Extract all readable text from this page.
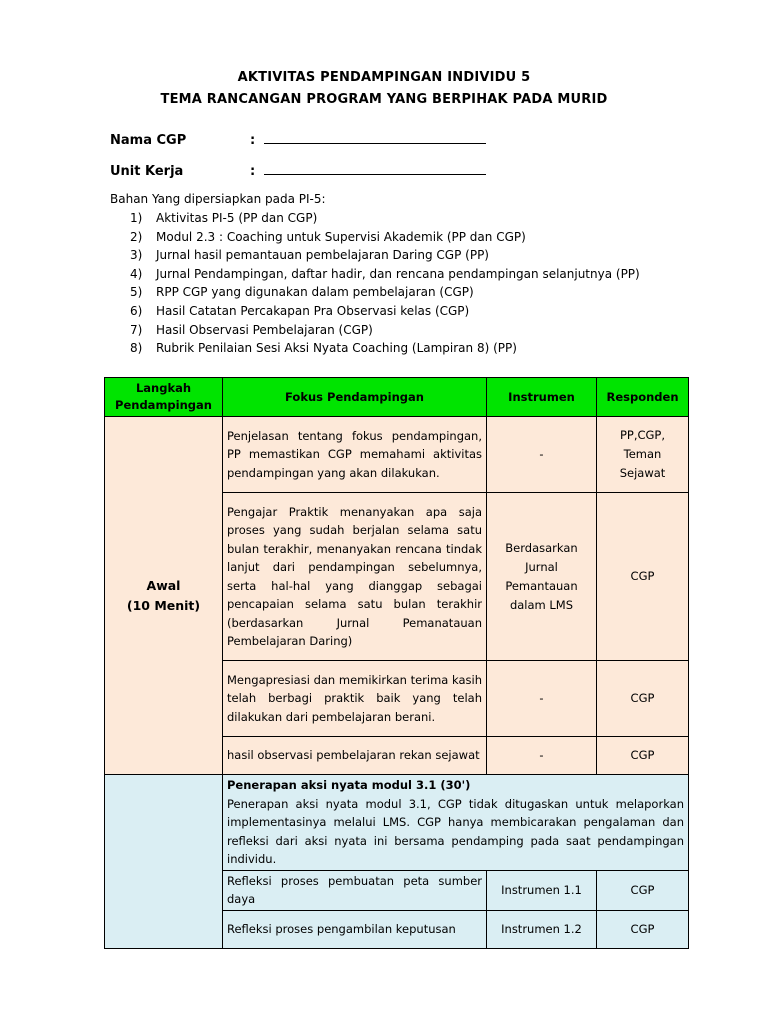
AKTIVITAS PENDAMPINGAN INDIVIDU 5
TEMA RANCANGAN PROGRAM YANG BERPIHAK PADA MURID
Nama CGP	:
Unit Kerja	:
Bahan Yang dipersiapkan pada PI-5:
1) Aktivitas PI-5 (PP dan CGP)
2) Modul 2.3 : Coaching untuk Supervisi Akademik (PP dan CGP)
3) Jurnal hasil pemantauan pembelajaran Daring CGP (PP)
4) Jurnal Pendampingan, daftar hadir, dan rencana pendampingan selanjutnya (PP)
5) RPP CGP yang digunakan dalam pembelajaran (CGP)
6) Hasil Catatan Percakapan Pra Observasi kelas (CGP)
7) Hasil Observasi Pembelajaran (CGP)
8) Rubrik Penilaian Sesi Aksi Nyata Coaching (Lampiran 8) (PP)
Langkah Pendampingan	Fokus Pendampingan	Instrumen	Responden

Awal
(10 Menit)	Penjelasan tentang fokus pendampingan, PP memastikan CGP memahami aktivitas pendampingan yang akan dilakukan.	-	PP,CGP, Teman Sejawat
	Pengajar Praktik menanyakan apa saja proses yang sudah berjalan selama satu bulan terakhir, menanyakan rencana tindak lanjut dari pendampingan sebelumnya, serta hal-hal yang dianggap sebagai pencapaian selama satu bulan terakhir (berdasarkan Jurnal Pemanatauan Pembelajaran Daring)	Berdasarkan Jurnal Pemantauan dalam LMS	CGP
	Mengapresiasi dan memikirkan terima kasih telah berbagi praktik baik yang telah dilakukan dari pembelajaran berani.	-	CGP
	hasil observasi pembelajaran rekan sejawat	-	CGP

	Penerapan aksi nyata modul 3.1 (30')
Penerapan aksi nyata modul 3.1, CGP tidak ditugaskan untuk melaporkan implementasinya melalui LMS. CGP hanya membicarakan pengalaman dan refleksi dari aksi nyata ini bersama pendamping pada saat pendampingan individu.		

	Refleksi proses pembuatan peta sumber daya	Instrumen 1.1	CGP
	Refleksi proses pengambilan keputusan	Instrumen 1.2	CGP
